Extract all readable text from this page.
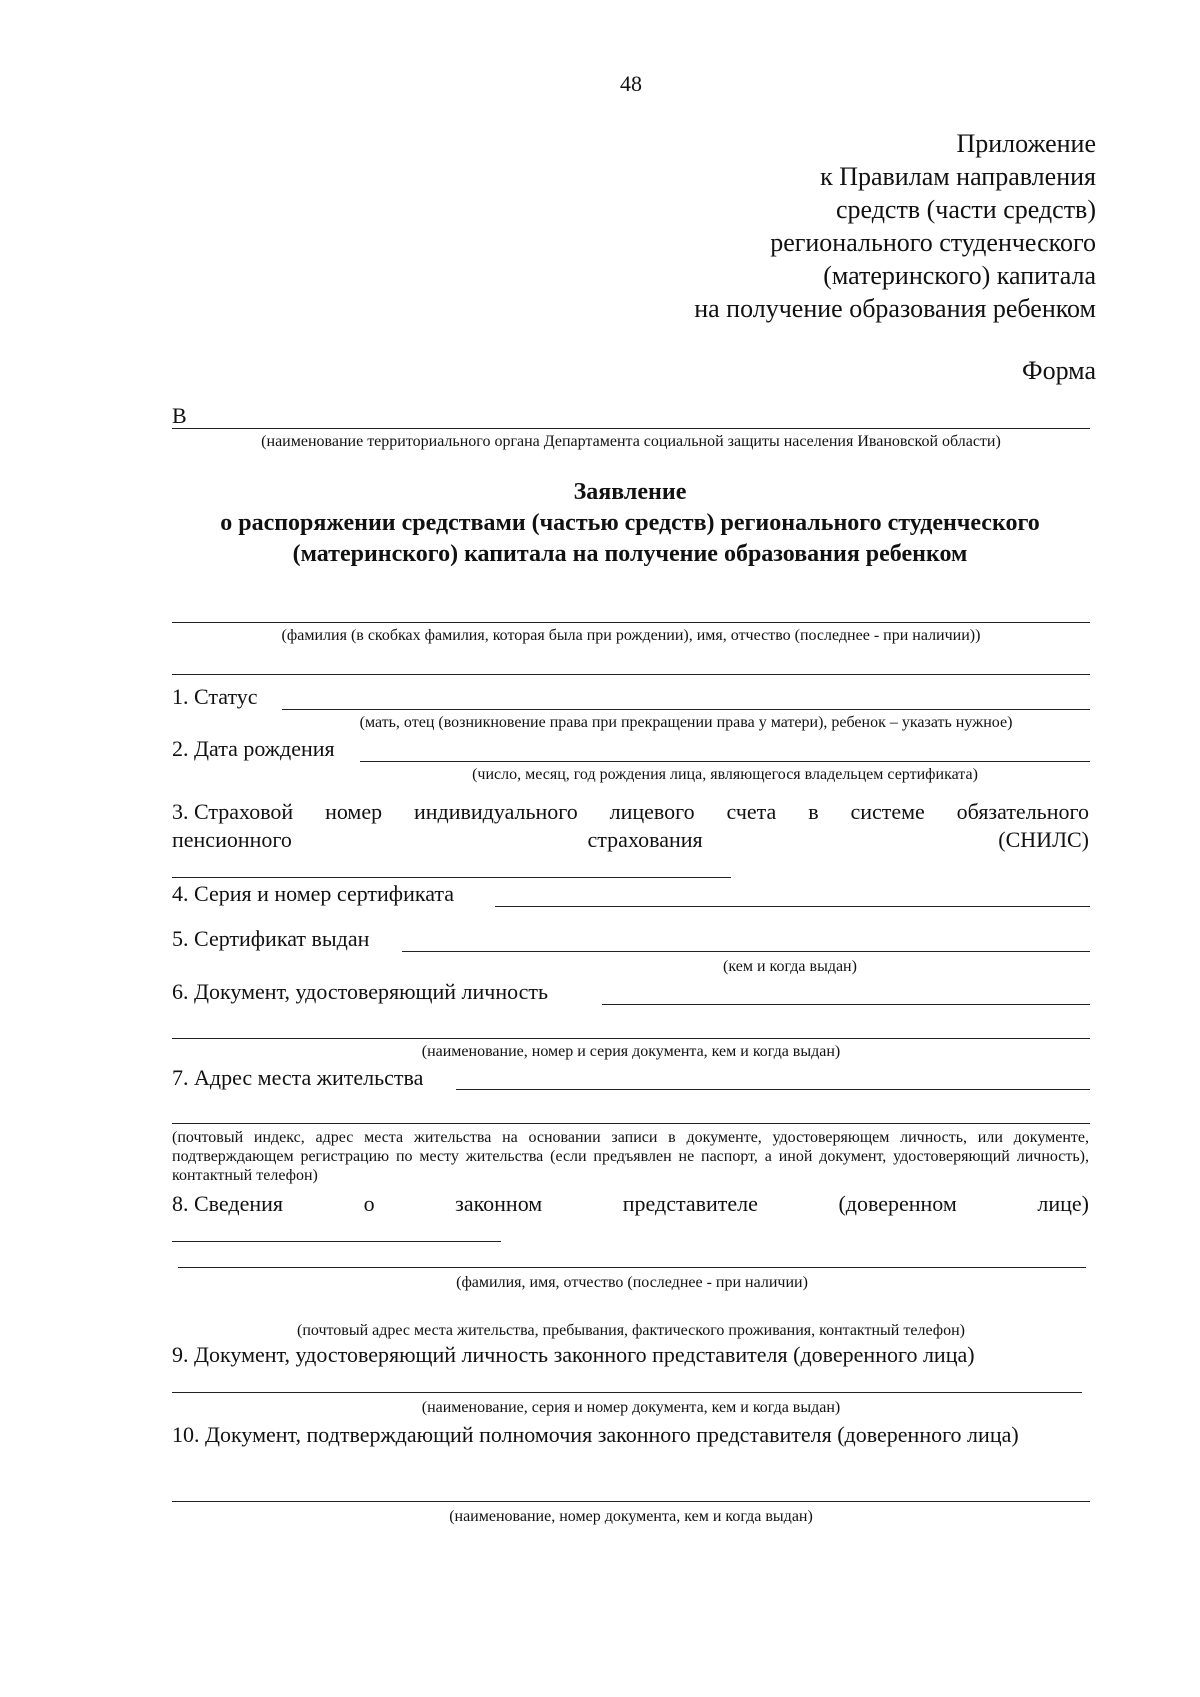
48
Приложение
к Правилам направления
средств (части средств)
регионального студенческого
(материнского) капитала
на получение образования ребенком
Форма
В
(наименование территориального органа Департамента социальной защиты населения Ивановской области)
Заявление
о распоряжении средствами (частью средств) регионального студенческого
(материнского) капитала на получение образования ребенком
(фамилия (в скобках фамилия, которая была при рождении), имя, отчество (последнее - при наличии))
1. Статус
(мать, отец (возникновение права при прекращении права у матери), ребенок – указать нужное)
2. Дата рождения
(число, месяц, год рождения лица, являющегося владельцем сертификата)
3. Страховой номер индивидуального лицевого счета в системе обязательного
пенсионного	страхования	(СНИЛС)
4. Серия и номер сертификата
5. Сертификат выдан
(кем и когда выдан)
6. Документ, удостоверяющий личность
(наименование, номер и серия документа, кем и когда выдан)
7. Адрес места жительства
(почтовый индекс, адрес места жительства на основании записи в документе, удостоверяющем личность, или документе, подтверждающем регистрацию по месту жительства (если предъявлен не паспорт, а иной документ, удостоверяющий личность), контактный телефон)
8. Сведения	о	законном	представителе	(доверенном	лице)
(фамилия, имя, отчество (последнее - при наличии)
(почтовый адрес места жительства, пребывания, фактического проживания, контактный телефон)
9. Документ, удостоверяющий личность законного представителя (доверенного лица)
(наименование, серия и номер документа, кем и когда выдан)
10. Документ, подтверждающий полномочия законного представителя (доверенного лица)
(наименование, номер документа, кем и когда выдан)
